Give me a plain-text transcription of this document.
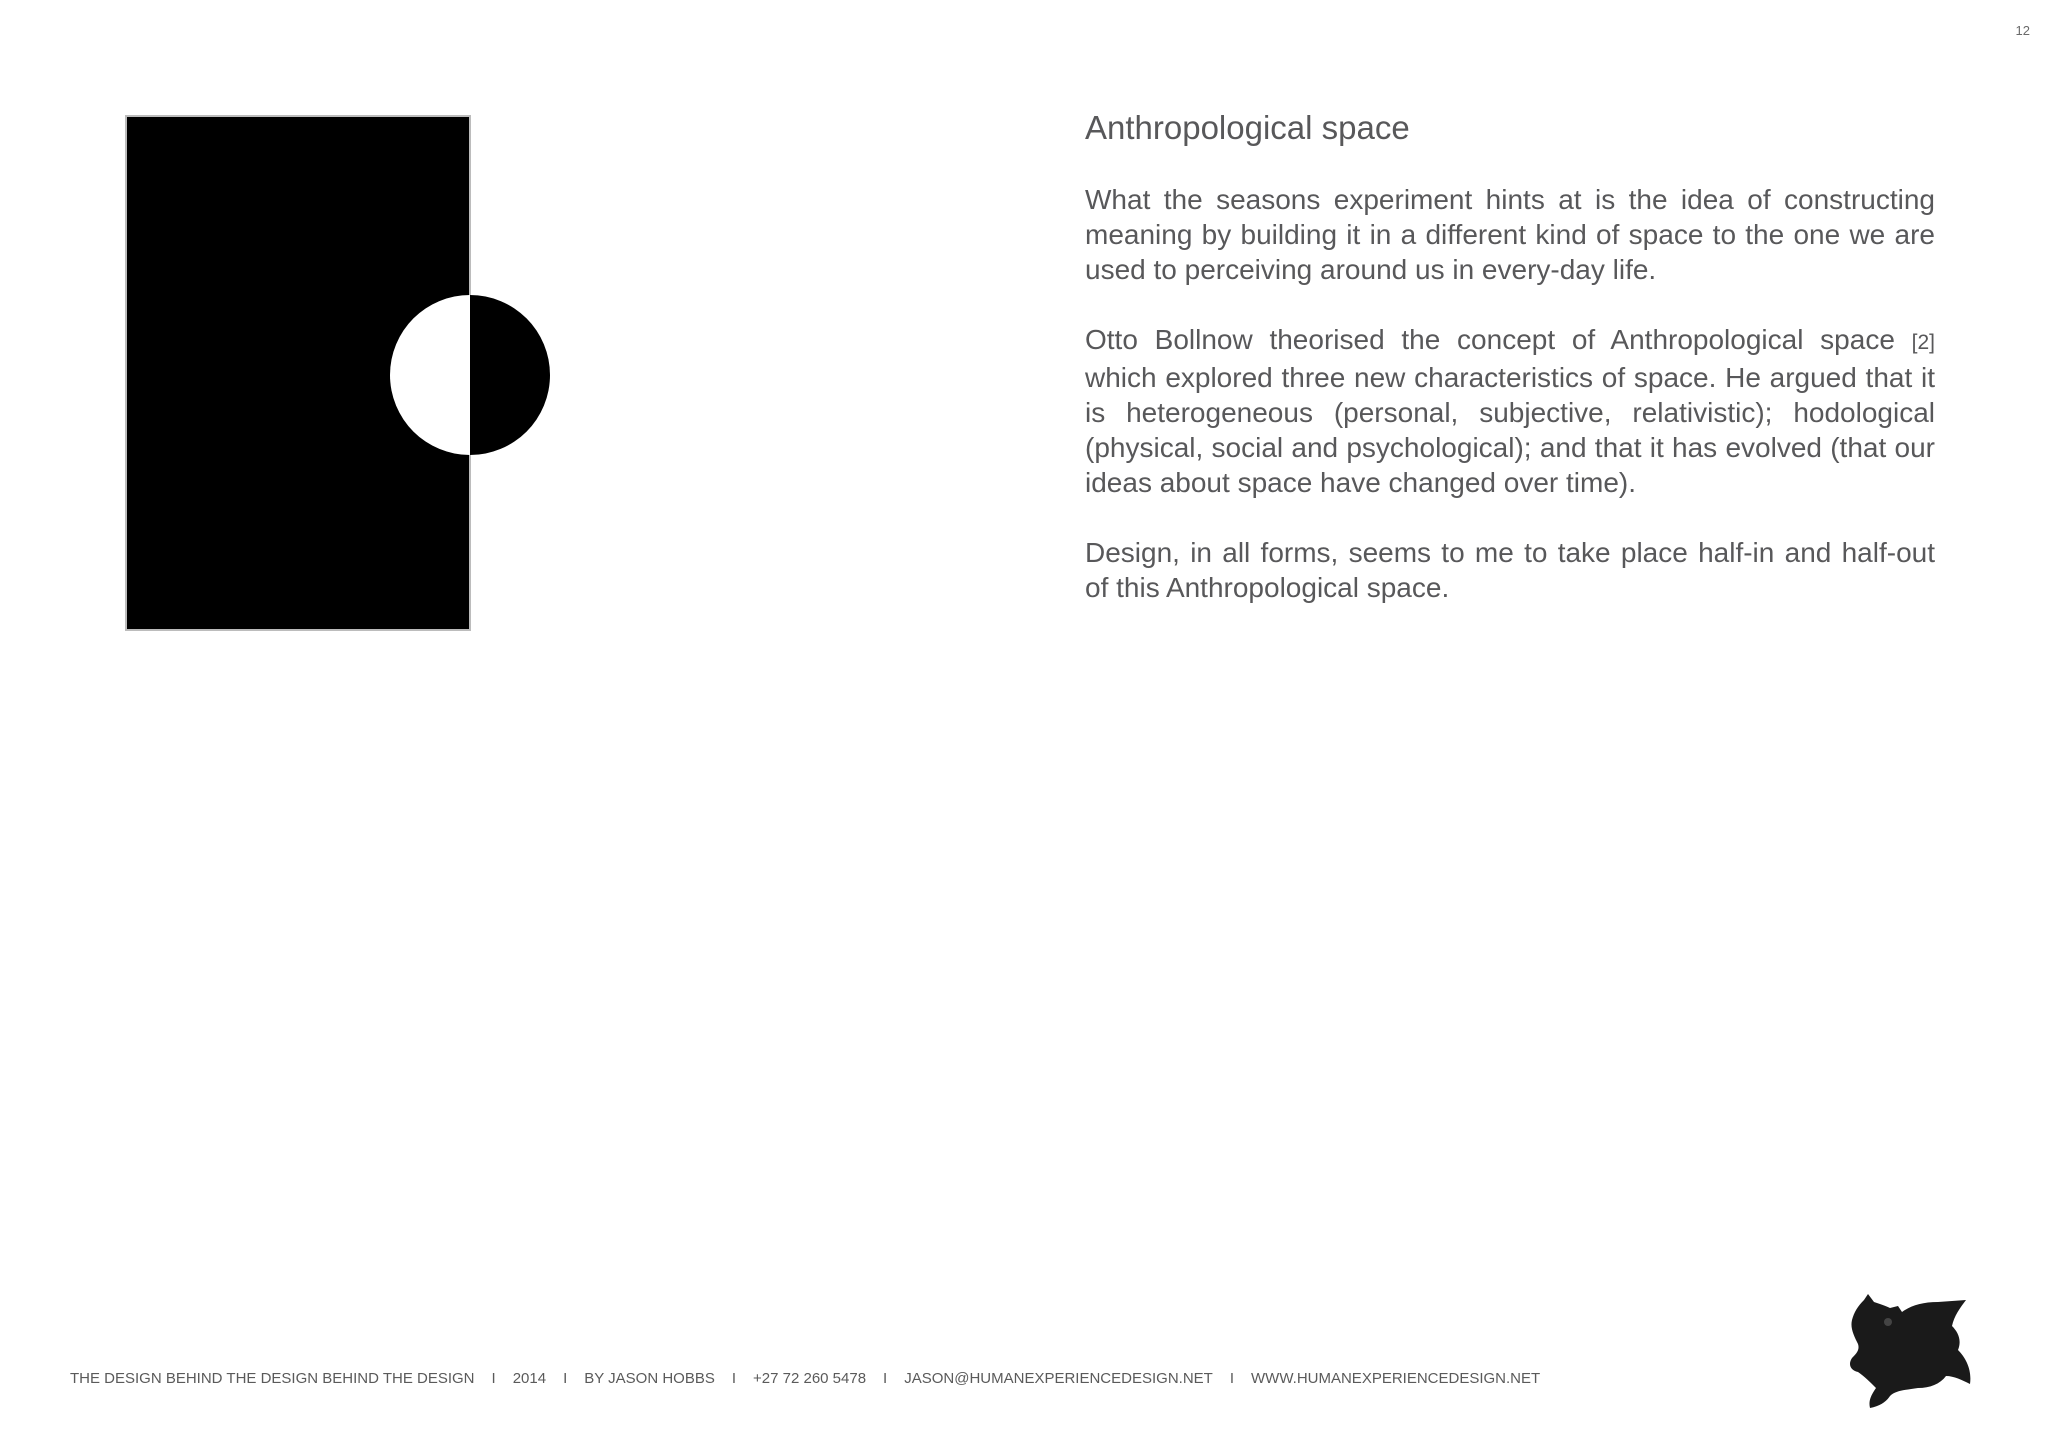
12
Anthropological space

What the seasons experiment hints at is the idea of constructing meaning by building it in a different kind of space to the one we are used to perceiving around us in every-day life.

Otto Bollnow theorised the concept of Anthropological space [2] which explored three new characteristics of space. He argued that it is heterogeneous (personal, subjective, relativistic); hodological (physical, social and psychological); and that it has evolved (that our ideas about space have changed over time).

Design, in all forms, seems to me to take place half-in and half-out of this Anthropological space.

THE DESIGN BEHIND THE DESIGN BEHIND THE DESIGN I 2014 I BY JASON HOBBS I +27 72 260 5478 I JASON@HUMANEXPERIENCEDESIGN.NET I WWW.HUMANEXPERIENCEDESIGN.NET
